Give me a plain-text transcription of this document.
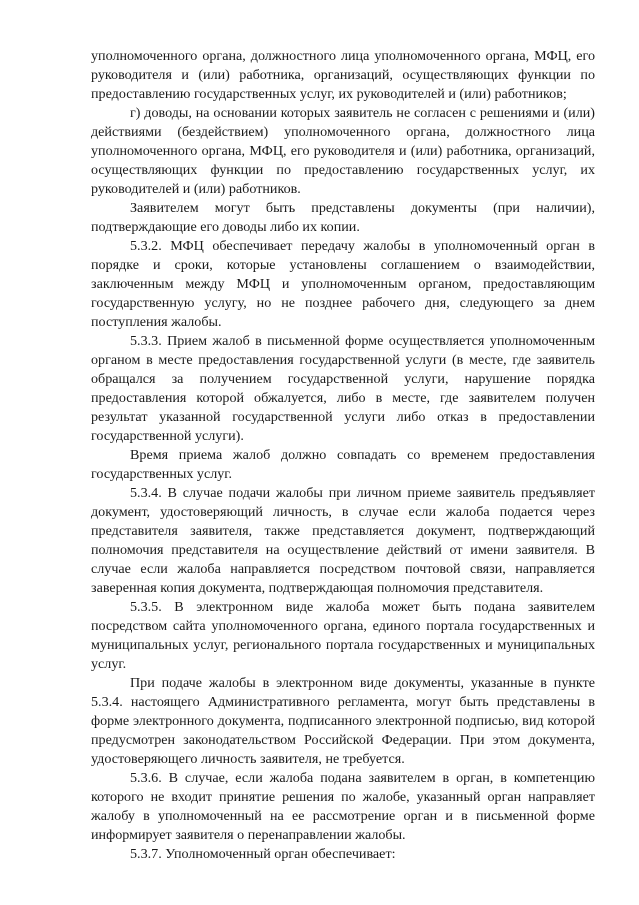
уполномоченного органа, должностного лица уполномоченного органа, МФЦ, его руководителя и (или) работника, организаций, осуществляющих функции по предоставлению государственных услуг, их руководителей и (или) работников;

г) доводы, на основании которых заявитель не согласен с решениями и (или) действиями (бездействием) уполномоченного органа, должностного лица уполномоченного органа, МФЦ, его руководителя и (или) работника, организаций, осуществляющих функции по предоставлению государственных услуг, их руководителей и (или) работников.

Заявителем могут быть представлены документы (при наличии), подтверждающие его доводы либо их копии.

5.3.2. МФЦ обеспечивает передачу жалобы в уполномоченный орган в порядке и сроки, которые установлены соглашением о взаимодействии, заключенным между МФЦ и уполномоченным органом, предоставляющим государственную услугу, но не позднее рабочего дня, следующего за днем поступления жалобы.

5.3.3. Прием жалоб в письменной форме осуществляется уполномоченным органом в месте предоставления государственной услуги (в месте, где заявитель обращался за получением государственной услуги, нарушение порядка предоставления которой обжалуется, либо в месте, где заявителем получен результат указанной государственной услуги либо отказ в предоставлении государственной услуги).

Время приема жалоб должно совпадать со временем предоставления государственных услуг.

5.3.4. В случае подачи жалобы при личном приеме заявитель предъявляет документ, удостоверяющий личность, в случае если жалоба подается через представителя заявителя, также представляется документ, подтверждающий полномочия представителя на осуществление действий от имени заявителя. В случае если жалоба направляется посредством почтовой связи, направляется заверенная копия документа, подтверждающая полномочия представителя.

5.3.5. В электронном виде жалоба может быть подана заявителем посредством сайта уполномоченного органа, единого портала государственных и муниципальных услуг, регионального портала государственных и муниципальных услуг.

При подаче жалобы в электронном виде документы, указанные в пункте 5.3.4. настоящего Административного регламента, могут быть представлены в форме электронного документа, подписанного электронной подписью, вид которой предусмотрен законодательством Российской Федерации. При этом документа, удостоверяющего личность заявителя, не требуется.

5.3.6. В случае, если жалоба подана заявителем в орган, в компетенцию которого не входит принятие решения по жалобе, указанный орган направляет жалобу в уполномоченный на ее рассмотрение орган и в письменной форме информирует заявителя о перенаправлении жалобы.

5.3.7. Уполномоченный орган обеспечивает:
